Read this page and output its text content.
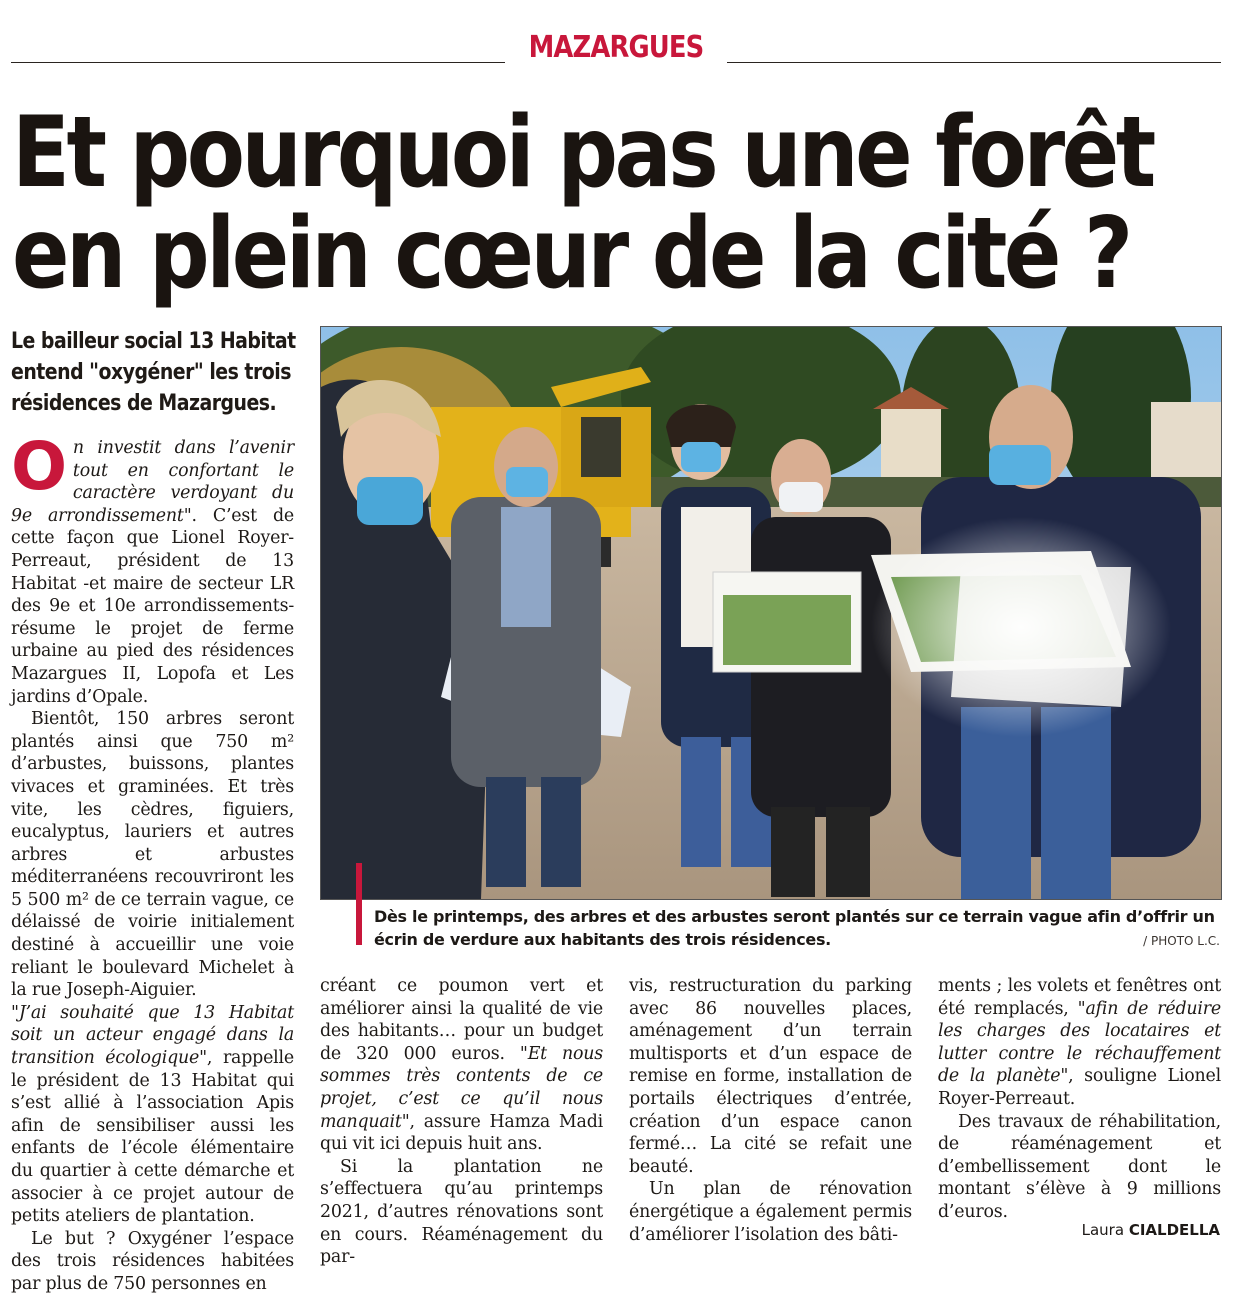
MAZARGUES
Et pourquoi pas une forêt
en plein cœur de la cité ?
Le bailleur social 13 Habitat
entend "oxygéner" les trois
résidences de Mazargues.

On investit dans l’avenir tout en confortant le caractère verdoyant du 9e arrondissement". C’est de cette façon que Lionel Royer-Perreaut, président de 13 Habitat -et maire de secteur LR des 9e et 10e arrondissements- résume le projet de ferme urbaine au pied des résidences Mazargues II, Lopofa et Les jardins d’Opale.

Bientôt, 150 arbres seront plantés ainsi que 750 m² d’arbustes, buissons, plantes vivaces et graminées. Et très vite, les cèdres, figuiers, eucalyptus, lauriers et autres arbres et arbustes méditerranéens recouvriront les 5 500 m² de ce terrain vague, ce délaissé de voirie initialement destiné à accueillir une voie reliant le boulevard Michelet à la rue Joseph-Aiguier.

"J’ai souhaité que 13 Habitat soit un acteur engagé dans la transition écologique", rappelle le président de 13 Habitat qui s’est allié à l’association Apis afin de sensibiliser aussi les enfants de l’école élémentaire du quartier à cette démarche et associer à ce projet autour de petits ateliers de plantation.

Le but ? Oxygéner l’espace des trois résidences habitées par plus de 750 personnes en

Dès le printemps, des arbres et des arbustes seront plantés sur ce terrain vague afin d’offrir un écrin de verdure aux habitants des trois résidences.	/ PHOTO L.C.

créant ce poumon vert et améliorer ainsi la qualité de vie des habitants… pour un budget de 320 000 euros. "Et nous sommes très contents de ce projet, c’est ce qu’il nous manquait", assure Hamza Madi qui vit ici depuis huit ans.

Si la plantation ne s’effectuera qu’au printemps 2021, d’autres rénovations sont en cours. Réaménagement du par-

vis, restructuration du parking avec 86 nouvelles places, aménagement d’un terrain multisports et d’un espace de remise en forme, installation de portails électriques d’entrée, création d’un espace canon fermé… La cité se refait une beauté.

Un plan de rénovation énergétique a également permis d’améliorer l’isolation des bâti-

ments ; les volets et fenêtres ont été remplacés, "afin de réduire les charges des locataires et lutter contre le réchauffement de la planète", souligne Lionel Royer-Perreaut.

Des travaux de réhabilitation, de réaménagement et d’embellissement dont le montant s’élève à 9 millions d’euros.

Laura CIALDELLA
